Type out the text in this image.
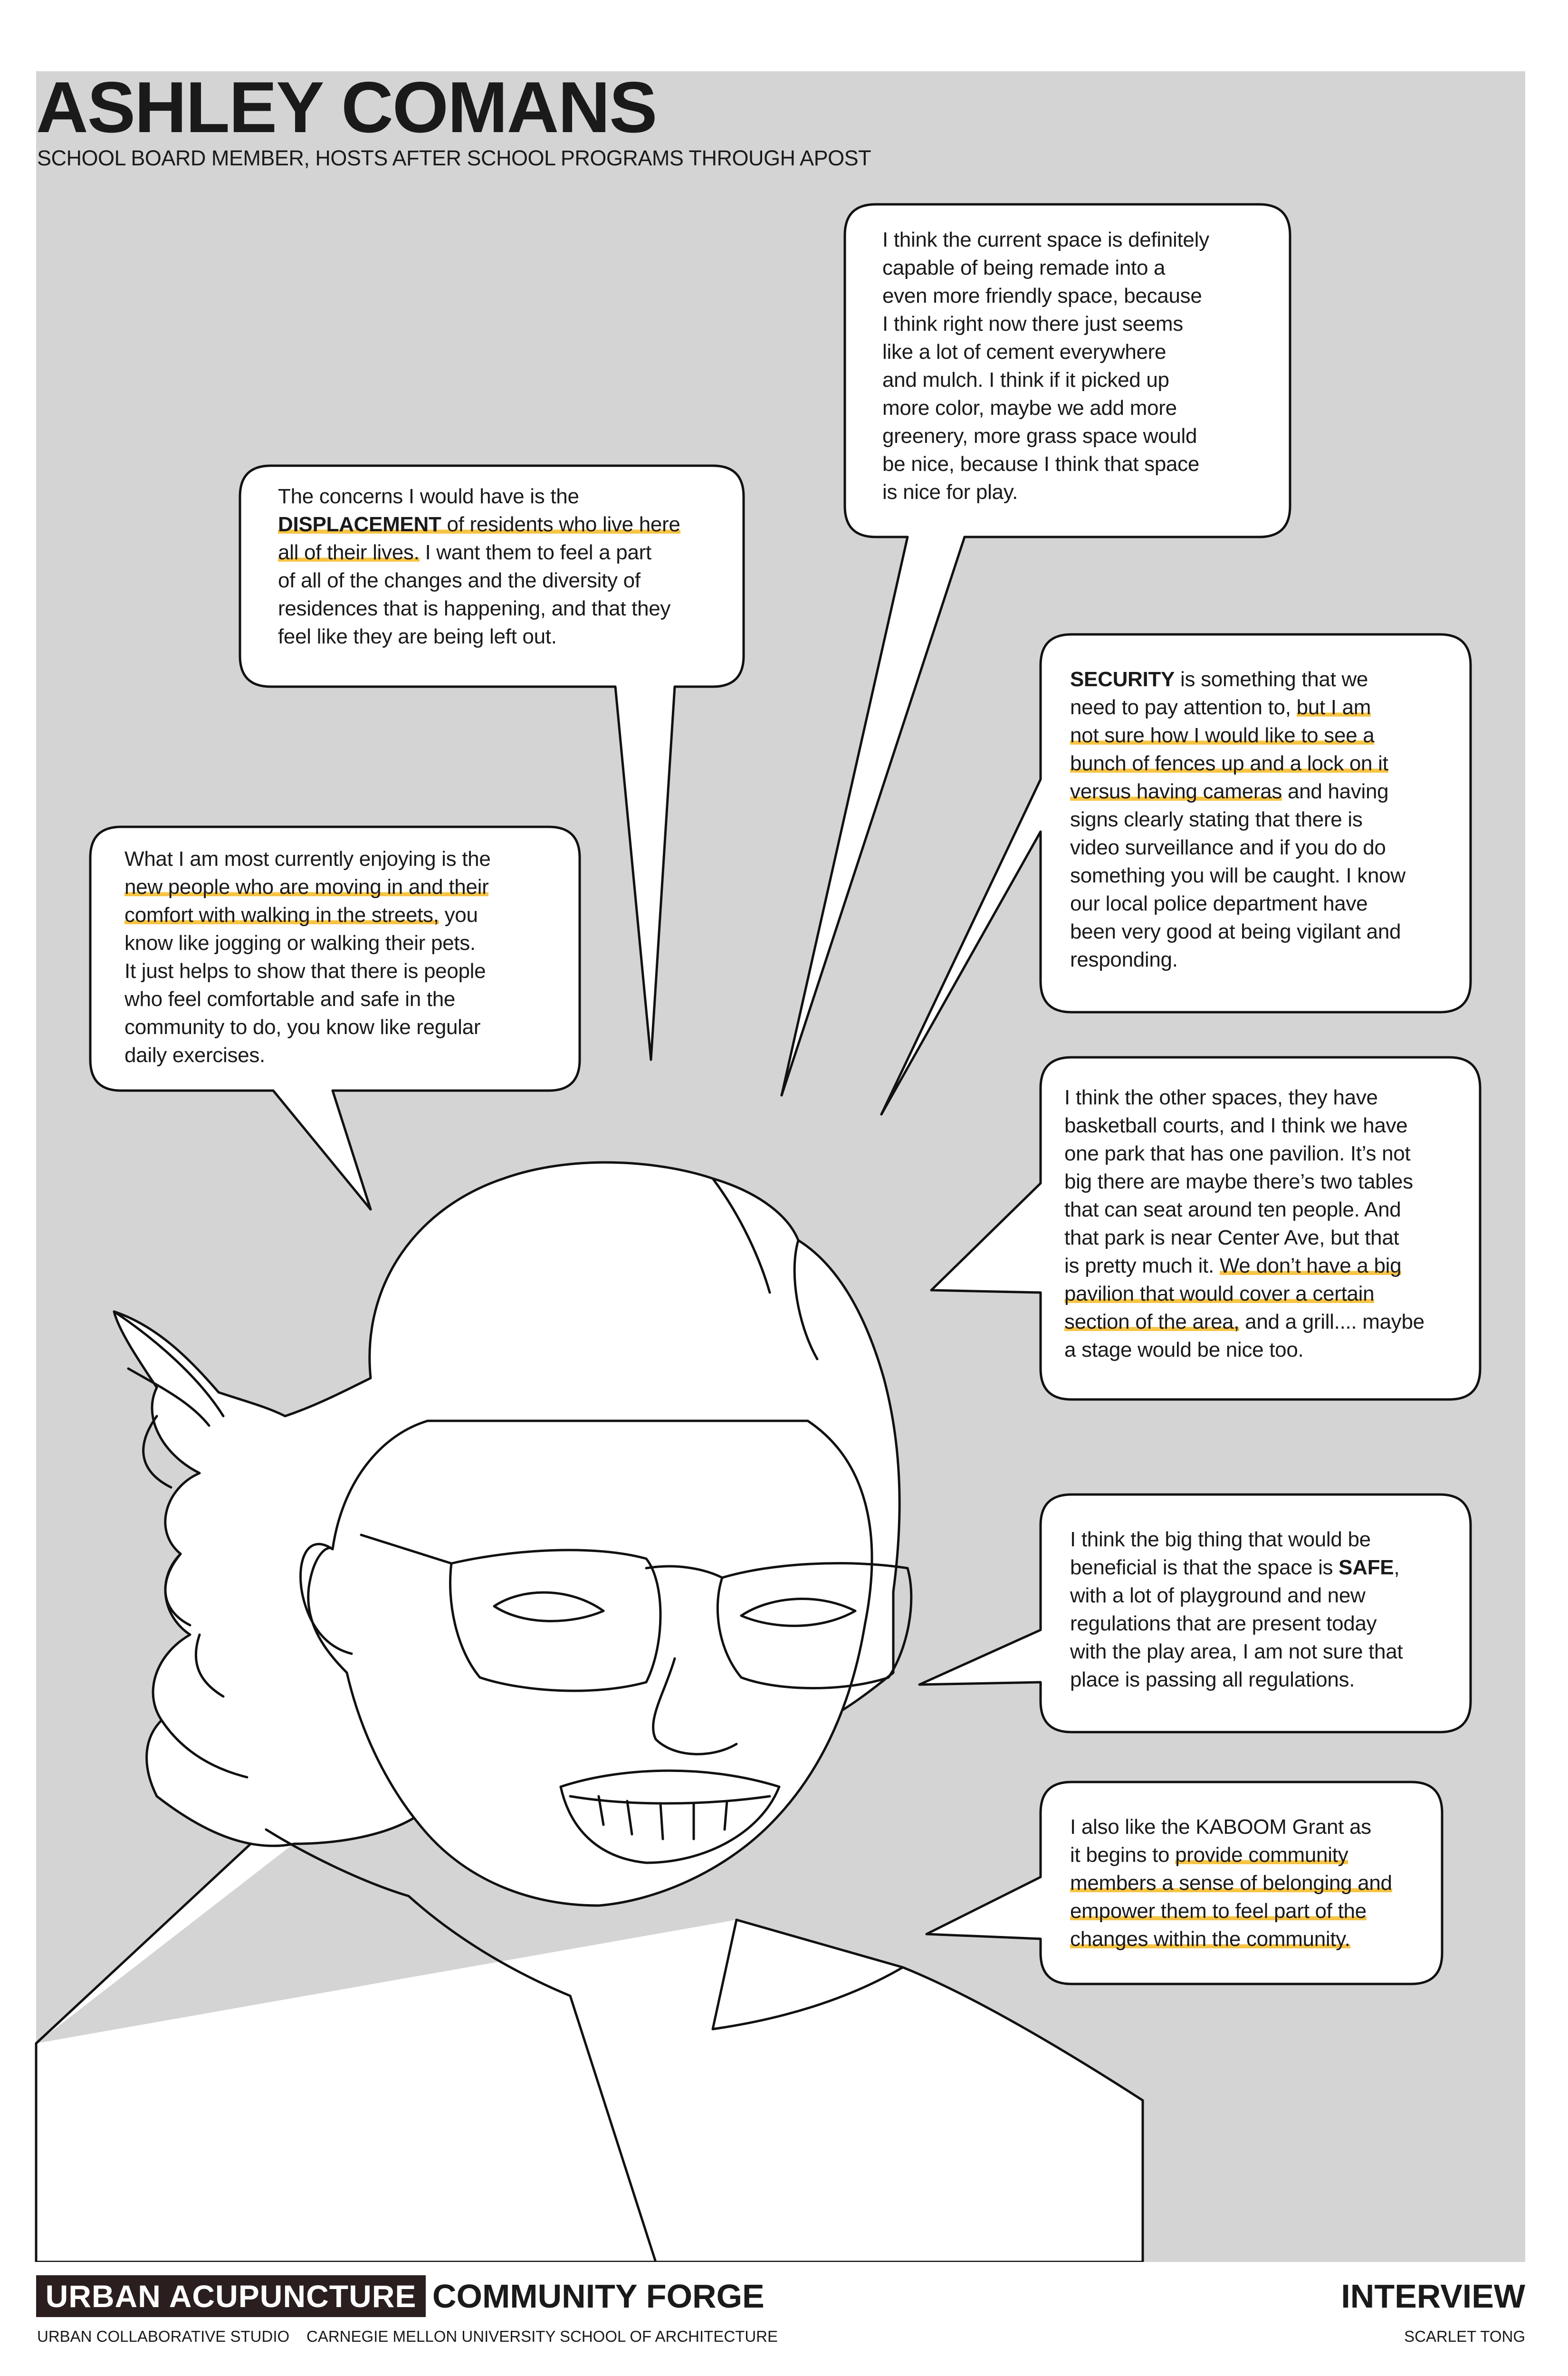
ASHLEY COMANS
SCHOOL BOARD MEMBER, HOSTS AFTER SCHOOL PROGRAMS THROUGH APOST

I think the current space is definitely

capable of being remade into a

even more friendly space, because

I think right now there just seems

like a lot of cement everywhere

and mulch. I think if it picked up

more color, maybe we add more

greenery, more grass space would

be nice, because I think that space

is nice for play.

The concerns I would have is the

DISPLACEMENT of residents who live here

all of their lives. I want them to feel a part

of all of the changes and the diversity of

residences that is happening, and that they

feel like they are being left out.

SECURITY is something that we

need to pay attention to, but I am

not sure how I would like to see a

bunch of fences up and a lock on it

versus having cameras and having

signs clearly stating that there is

video surveillance and if you do do

something you will be caught. I know

our local police department have

been very good at being vigilant and

responding.

What I am most currently enjoying is the

new people who are moving in and their

comfort with walking in the streets, you

know like jogging or walking their pets.

It just helps to show that there is people

who feel comfortable and safe in the

community to do, you know like regular

daily exercises.

I think the other spaces, they have

basketball courts, and I think we have

one park that has one pavilion. It’s not

big there are maybe there’s two tables

that can seat around ten people. And

that park is near Center Ave, but that

is pretty much it. We don’t have a big

pavilion that would cover a certain

section of the area, and a grill.... maybe

a stage would be nice too.

I think the big thing that would be

beneficial is that the space is SAFE,

with a lot of playground and new

regulations that are present today

with the play area, I am not sure that

place is passing all regulations.

I also like the KABOOM Grant as

it begins to provide community

members a sense of belonging and

empower them to feel part of the

changes within the community.

URBAN ACUPUNCTURE COMMUNITY FORGE	INTERVIEW
URBAN COLLABORATIVE STUDIO CARNEGIE MELLON UNIVERSITY SCHOOL OF ARCHITECTURE	SCARLET TONG
